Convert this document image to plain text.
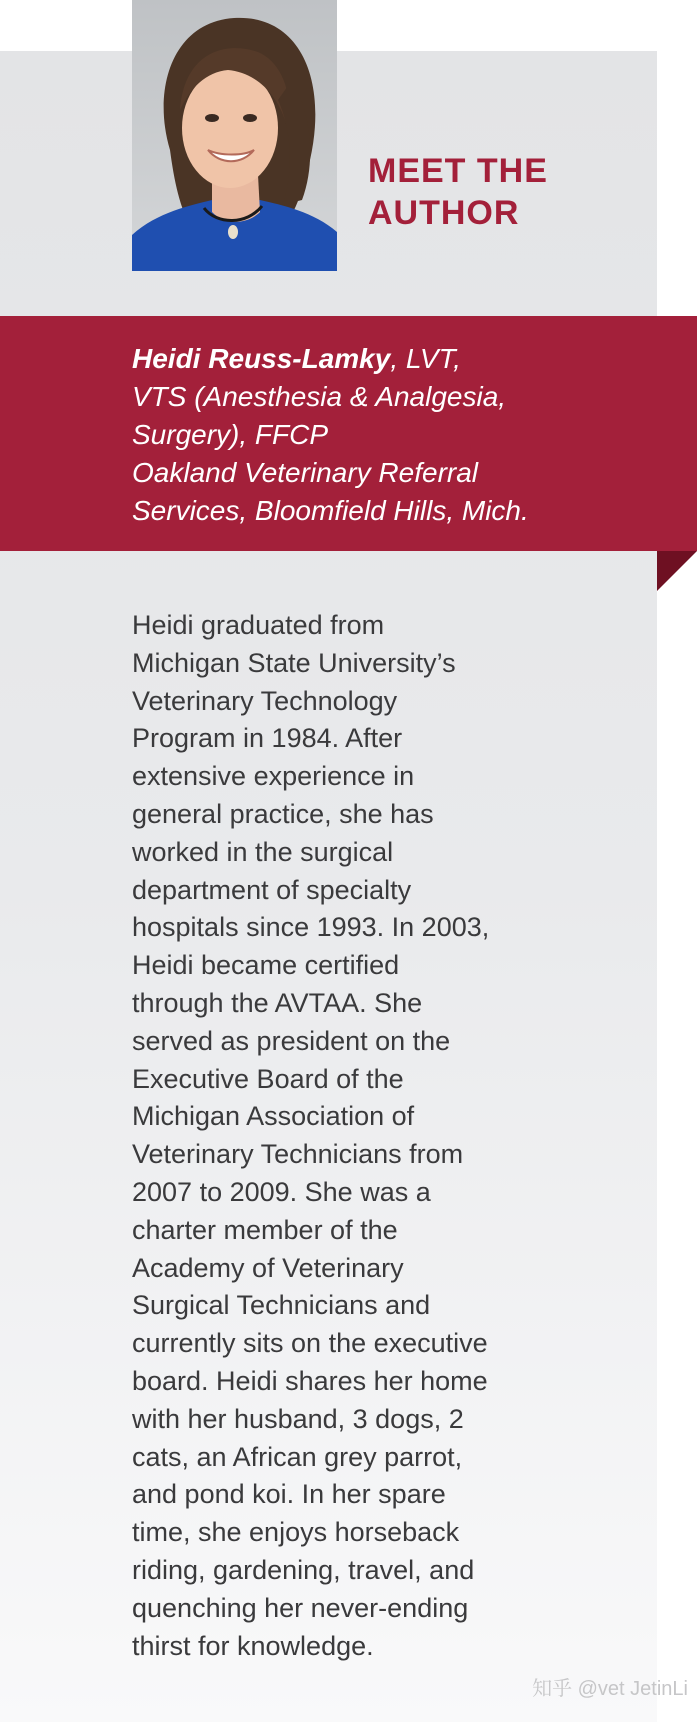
MEET THE
AUTHOR
Heidi Reuss-Lamky, LVT,
VTS (Anesthesia & Analgesia,
Surgery), FFCP
Oakland Veterinary Referral
Services, Bloomfield Hills, Mich.
Heidi graduated from
Michigan State University’s
Veterinary Technology
Program in 1984. After
extensive experience in
general practice, she has
worked in the surgical
department of specialty
hospitals since 1993. In 2003,
Heidi became certified
through the AVTAA. She
served as president on the
Executive Board of the
Michigan Association of
Veterinary Technicians from
2007 to 2009. She was a
charter member of the
Academy of Veterinary
Surgical Technicians and
currently sits on the executive
board. Heidi shares her home
with her husband, 3 dogs, 2
cats, an African grey parrot,
and pond koi. In her spare
time, she enjoys horseback
riding, gardening, travel, and
quenching her never-ending
thirst for knowledge.
知乎 @vet JetinLi
